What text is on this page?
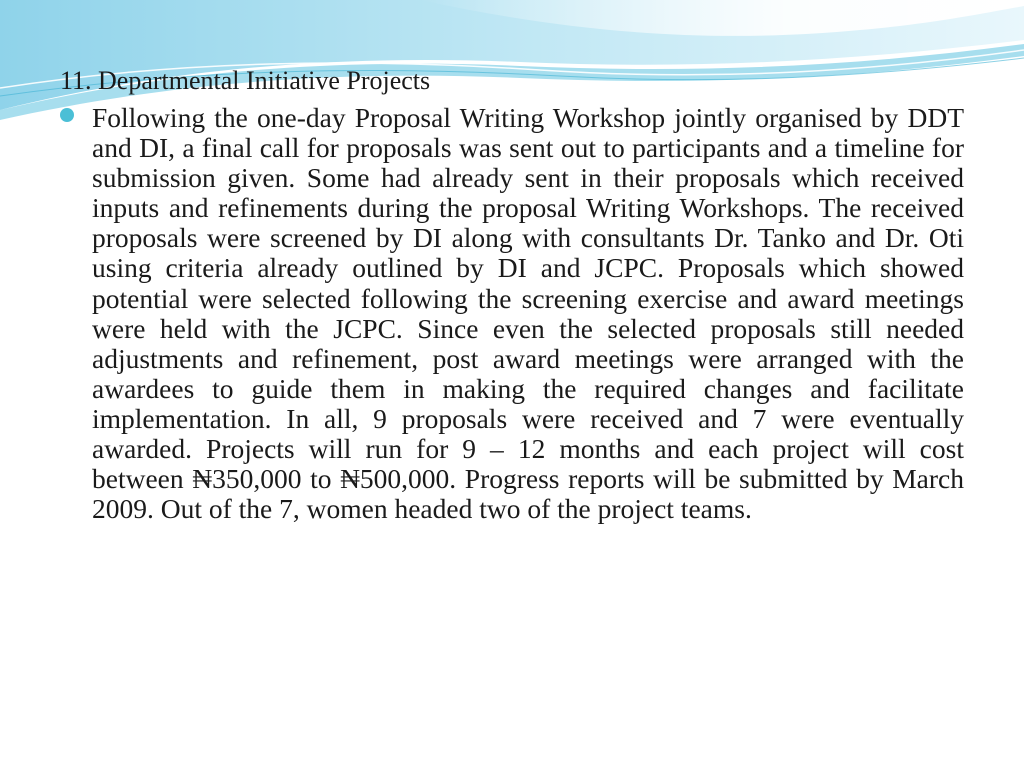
11. Departmental Initiative Projects
Following the one-day Proposal Writing Workshop jointly organised by DDT and DI, a final call for proposals was sent out to participants and a timeline for submission given. Some had already sent in their proposals which received inputs and refinements during the proposal Writing Workshops. The received proposals were screened by DI along with consultants Dr. Tanko and Dr. Oti using criteria already outlined by DI and JCPC. Proposals which showed potential were selected following the screening exercise and award meetings were held with the JCPC. Since even the selected proposals still needed adjustments and refinement, post award meetings were arranged with the awardees to guide them in making the required changes and facilitate implementation. In all, 9 proposals were received and 7 were eventually awarded. Projects will run for 9 – 12 months and each project will cost between ₦350,000 to ₦500,000. Progress reports will be submitted by March 2009. Out of the 7, women headed two of the project teams.
